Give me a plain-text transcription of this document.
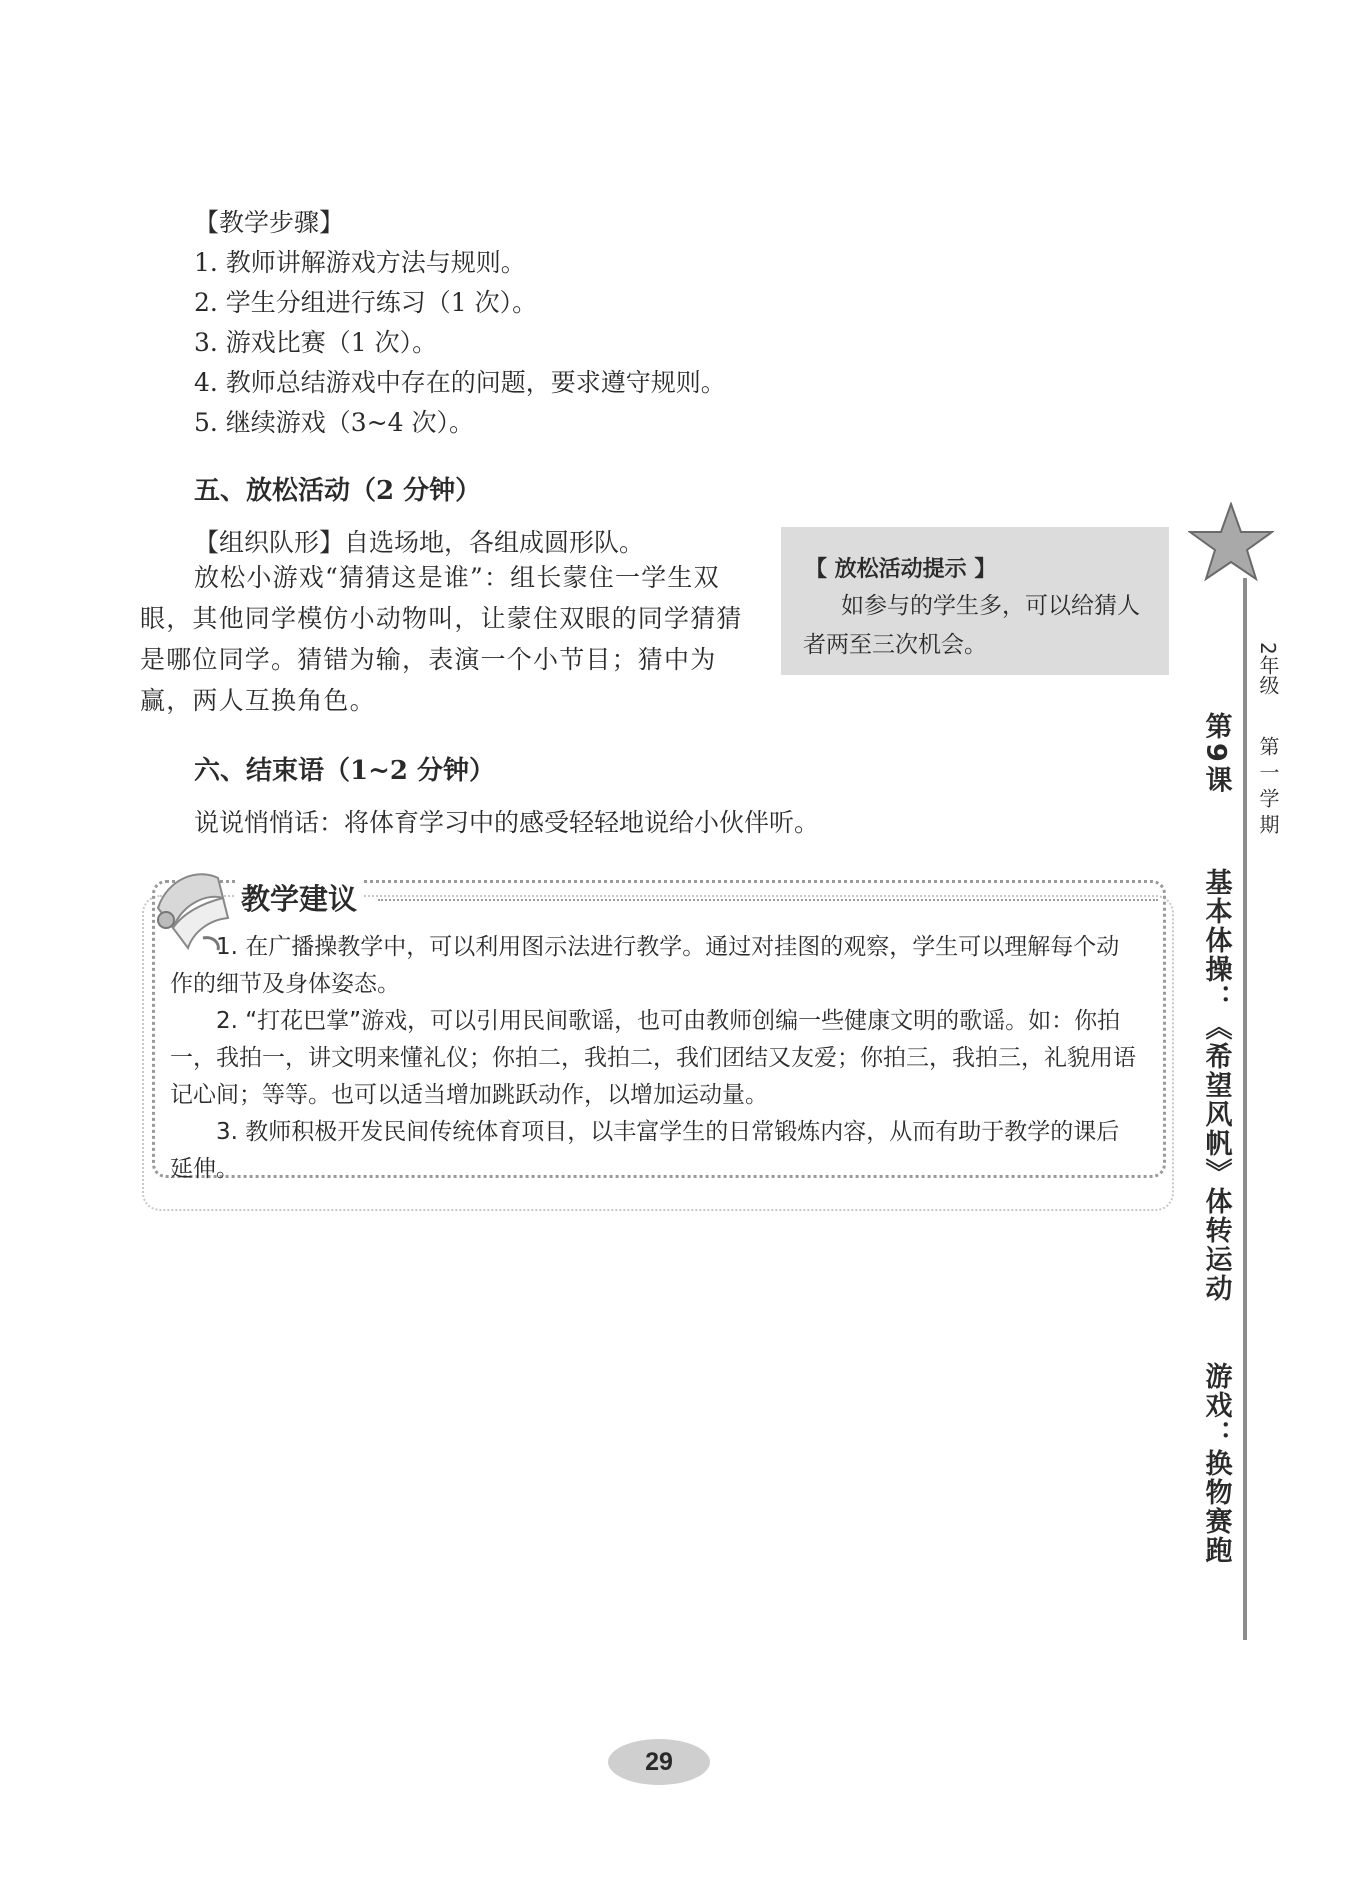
【教学步骤】
1. 教师讲解游戏方法与规则。
2. 学生分组进行练习（1 次）。
3. 游戏比赛（1 次）。
4. 教师总结游戏中存在的问题，要求遵守规则。
5. 继续游戏（3~4 次）。
五、放松活动（2 分钟）
【组织队形】自选场地，各组成圆形队。
放松小游戏“猜猜这是谁”：组长蒙住一学生双眼，其他同学模仿小动物叫，让蒙住双眼的同学猜猜是哪位同学。猜错为输，表演一个小节目；猜中为赢，两人互换角色。
【 放松活动提示 】
如参与的学生多，可以给猜人者两至三次机会。
六、结束语（1~2 分钟）
说说悄悄话：将体育学习中的感受轻轻地说给小伙伴听。
教学建议
1. 在广播操教学中，可以利用图示法进行教学。通过对挂图的观察，学生可以理解每个动作的细节及身体姿态。
2. “打花巴掌”游戏，可以引用民间歌谣，也可由教师创编一些健康文明的歌谣。如：你拍一，我拍一，讲文明来懂礼仪；你拍二，我拍二，我们团结又友爱；你拍三，我拍三，礼貌用语记心间；等等。也可以适当增加跳跃动作，以增加运动量。
3. 教师积极开发民间传统体育项目，以丰富学生的日常锻炼内容，从而有助于教学的课后延伸。
2年级
第一学期
第9课
基本体操：《希望风帆》体转运动
游戏：换物赛跑
29
